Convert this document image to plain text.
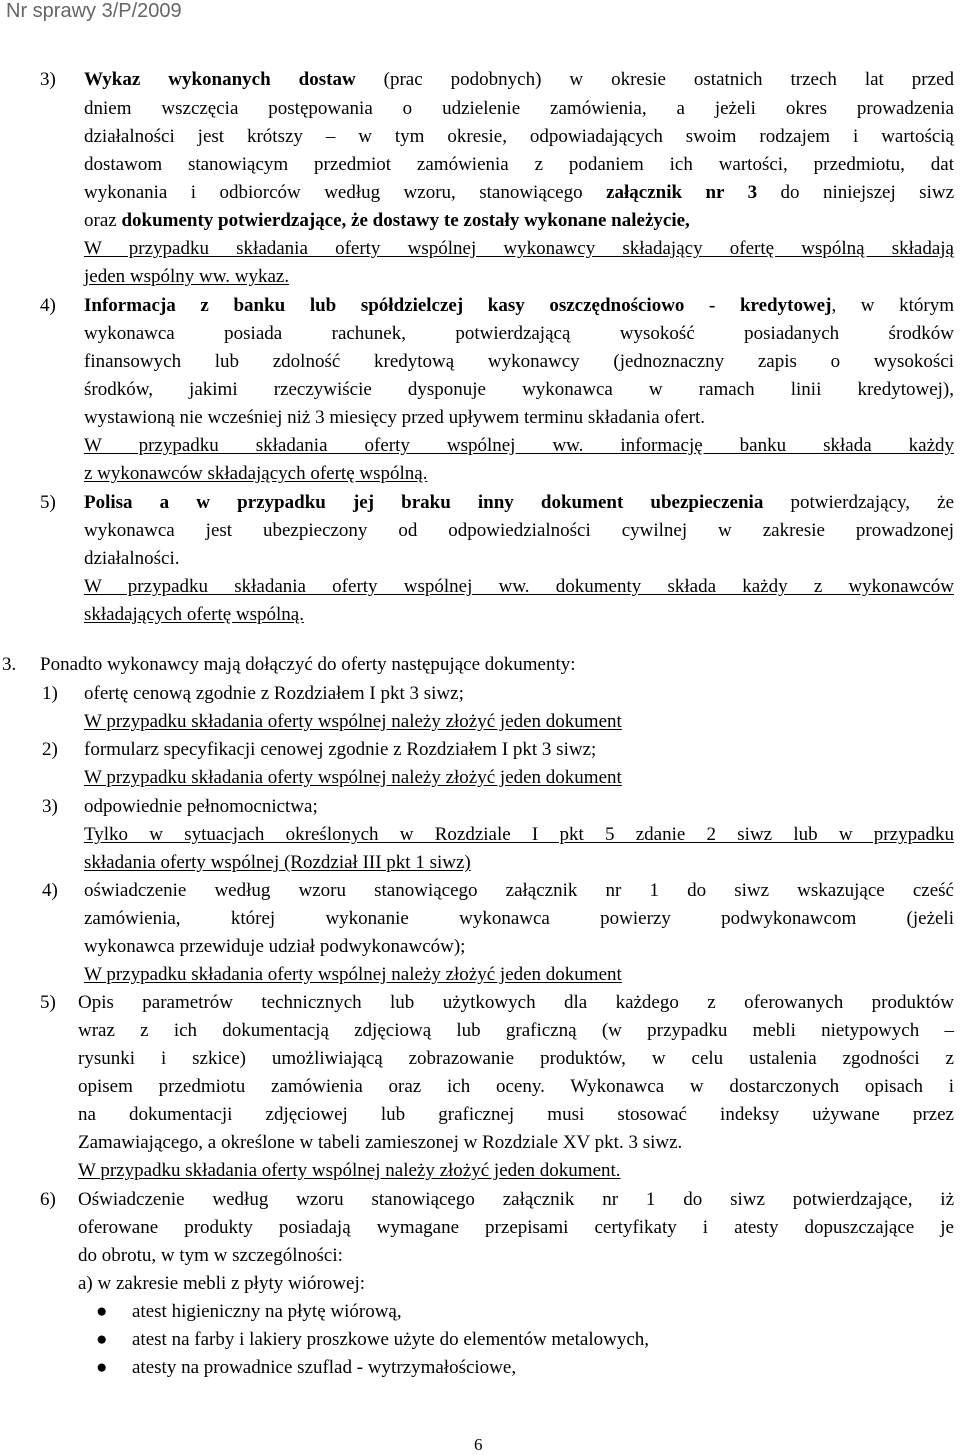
Nr sprawy 3/P/2009
3) Wykaz wykonanych dostaw (prac podobnych) w okresie ostatnich trzech lat przed
dniem wszczęcia postępowania o udzielenie zamówienia, a jeżeli okres prowadzenia
działalności jest krótszy – w tym okresie, odpowiadających swoim rodzajem i wartością
dostawom stanowiącym przedmiot zamówienia z podaniem ich wartości, przedmiotu, dat
wykonania i odbiorców według wzoru, stanowiącego załącznik nr 3 do niniejszej siwz
oraz dokumenty potwierdzające, że dostawy te zostały wykonane należycie,
W przypadku składania oferty wspólnej wykonawcy składający ofertę wspólną składają
jeden wspólny ww. wykaz.
4) Informacja z banku lub spółdzielczej kasy oszczędnościowo - kredytowej, w którym
wykonawca posiada rachunek, potwierdzającą wysokość posiadanych środków
finansowych lub zdolność kredytową wykonawcy (jednoznaczny zapis o wysokości
środków, jakimi rzeczywiście dysponuje wykonawca w ramach linii kredytowej),
wystawioną nie wcześniej niż 3 miesięcy przed upływem terminu składania ofert.
W przypadku składania oferty wspólnej ww. informację banku składa każdy
z wykonawców składających ofertę wspólną.
5) Polisa a w przypadku jej braku inny dokument ubezpieczenia potwierdzający, że
wykonawca jest ubezpieczony od odpowiedzialności cywilnej w zakresie prowadzonej
działalności.
W przypadku składania oferty wspólnej ww. dokumenty składa każdy z wykonawców
składających ofertę wspólną.
3. Ponadto wykonawcy mają dołączyć do oferty następujące dokumenty:
1) ofertę cenową zgodnie z Rozdziałem I pkt 3 siwz;
W przypadku składania oferty wspólnej należy złożyć jeden dokument
2) formularz specyfikacji cenowej zgodnie z Rozdziałem I pkt 3 siwz;
W przypadku składania oferty wspólnej należy złożyć jeden dokument
3) odpowiednie pełnomocnictwa;
Tylko w sytuacjach określonych w Rozdziale I pkt 5 zdanie 2 siwz lub w przypadku
składania oferty wspólnej (Rozdział III pkt 1 siwz)
4) oświadczenie według wzoru stanowiącego załącznik nr 1 do siwz wskazujące cześć
zamówienia, której wykonanie wykonawca powierzy podwykonawcom (jeżeli
wykonawca przewiduje udział podwykonawców);
W przypadku składania oferty wspólnej należy złożyć jeden dokument
5) Opis parametrów technicznych lub użytkowych dla każdego z oferowanych produktów
wraz z ich dokumentacją zdjęciową lub graficzną (w przypadku mebli nietypowych –
rysunki i szkice) umożliwiającą zobrazowanie produktów, w celu ustalenia zgodności z
opisem przedmiotu zamówienia oraz ich oceny. Wykonawca w dostarczonych opisach i
na dokumentacji zdjęciowej lub graficznej musi stosować indeksy używane przez
Zamawiającego, a określone w tabeli zamieszonej w Rozdziale XV pkt. 3 siwz.
W przypadku składania oferty wspólnej należy złożyć jeden dokument.
6) Oświadczenie według wzoru stanowiącego załącznik nr 1 do siwz potwierdzające, iż
oferowane produkty posiadają wymagane przepisami certyfikaty i atesty dopuszczające je
do obrotu, w tym w szczególności:
a) w zakresie mebli z płyty wiórowej:
● atest higieniczny na płytę wiórową,
● atest na farby i lakiery proszkowe użyte do elementów metalowych,
● atesty na prowadnice szuflad - wytrzymałościowe,
6
